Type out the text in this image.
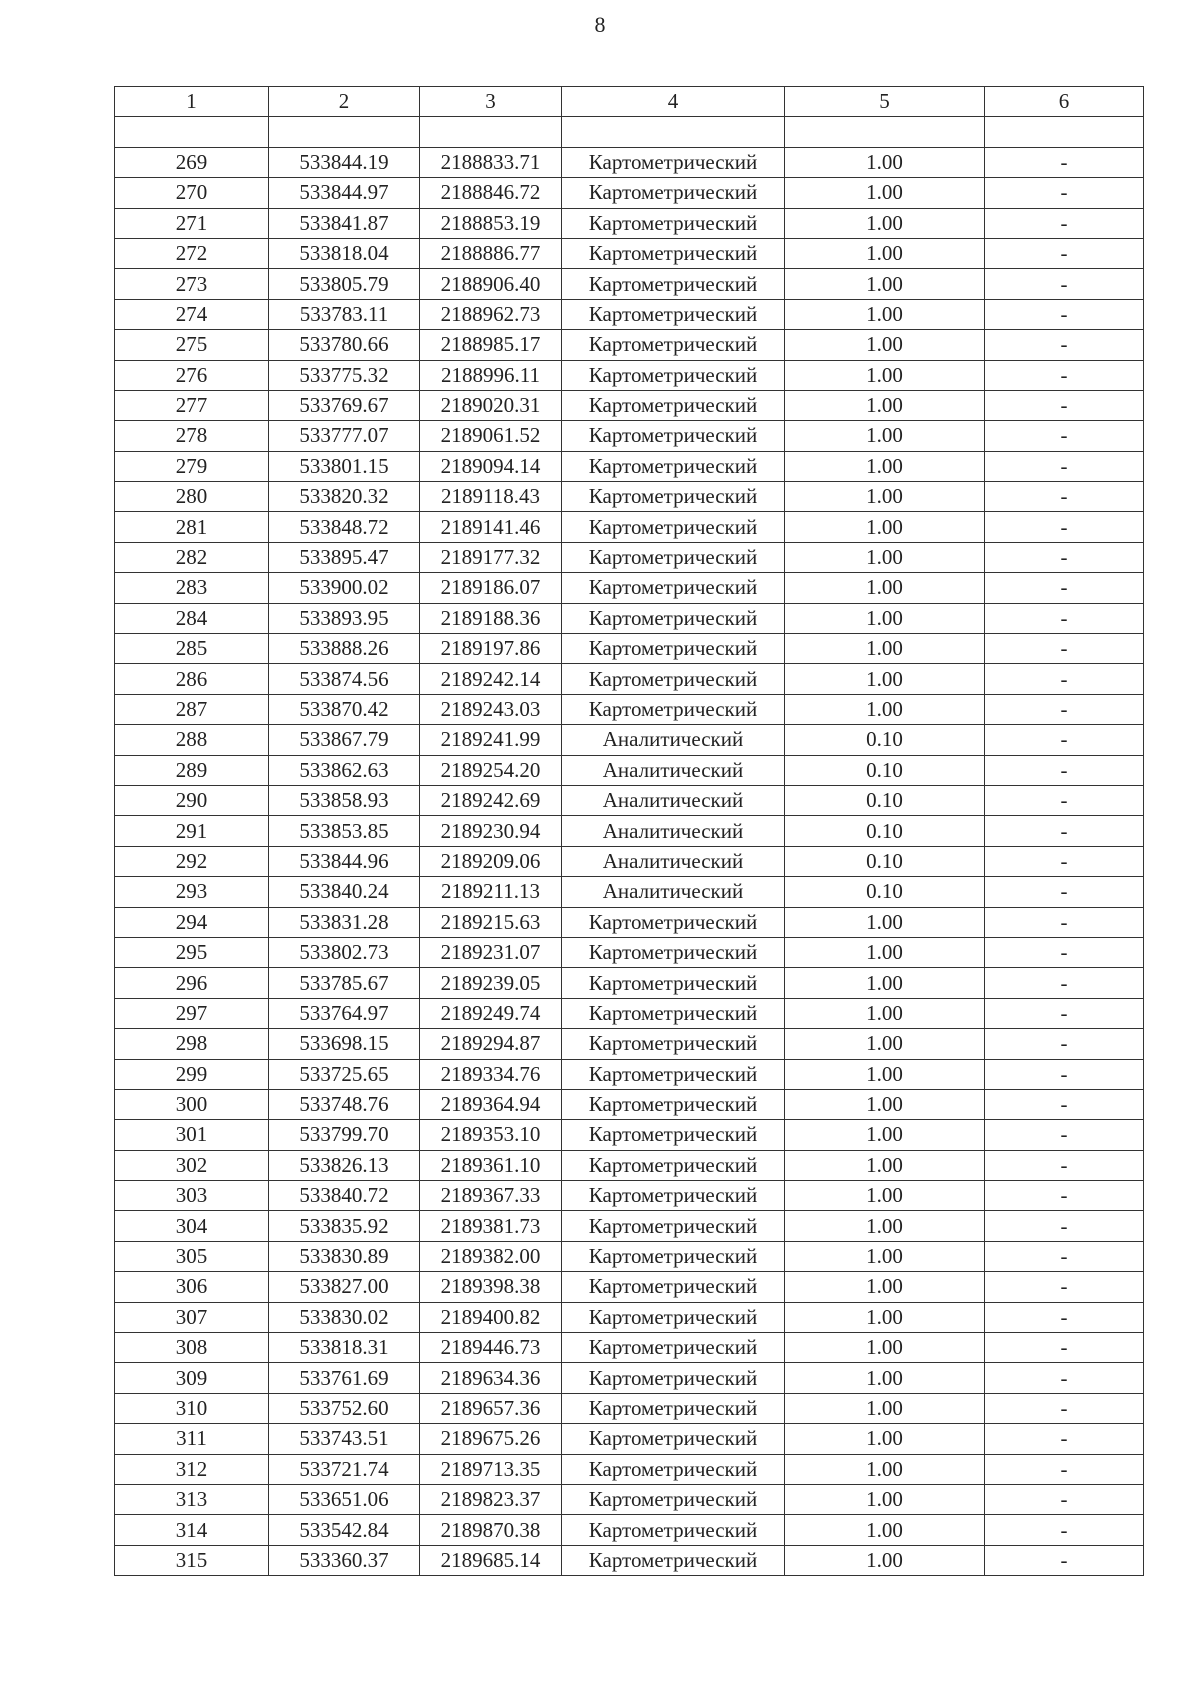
8
1	2	3	4	5	6

269	533844.19	2188833.71	Картометрический	1.00	-
270	533844.97	2188846.72	Картометрический	1.00	-
271	533841.87	2188853.19	Картометрический	1.00	-
272	533818.04	2188886.77	Картометрический	1.00	-
273	533805.79	2188906.40	Картометрический	1.00	-
274	533783.11	2188962.73	Картометрический	1.00	-
275	533780.66	2188985.17	Картометрический	1.00	-
276	533775.32	2188996.11	Картометрический	1.00	-
277	533769.67	2189020.31	Картометрический	1.00	-
278	533777.07	2189061.52	Картометрический	1.00	-
279	533801.15	2189094.14	Картометрический	1.00	-
280	533820.32	2189118.43	Картометрический	1.00	-
281	533848.72	2189141.46	Картометрический	1.00	-
282	533895.47	2189177.32	Картометрический	1.00	-
283	533900.02	2189186.07	Картометрический	1.00	-
284	533893.95	2189188.36	Картометрический	1.00	-
285	533888.26	2189197.86	Картометрический	1.00	-
286	533874.56	2189242.14	Картометрический	1.00	-
287	533870.42	2189243.03	Картометрический	1.00	-
288	533867.79	2189241.99	Аналитический	0.10	-
289	533862.63	2189254.20	Аналитический	0.10	-
290	533858.93	2189242.69	Аналитический	0.10	-
291	533853.85	2189230.94	Аналитический	0.10	-
292	533844.96	2189209.06	Аналитический	0.10	-
293	533840.24	2189211.13	Аналитический	0.10	-
294	533831.28	2189215.63	Картометрический	1.00	-
295	533802.73	2189231.07	Картометрический	1.00	-
296	533785.67	2189239.05	Картометрический	1.00	-
297	533764.97	2189249.74	Картометрический	1.00	-
298	533698.15	2189294.87	Картометрический	1.00	-
299	533725.65	2189334.76	Картометрический	1.00	-
300	533748.76	2189364.94	Картометрический	1.00	-
301	533799.70	2189353.10	Картометрический	1.00	-
302	533826.13	2189361.10	Картометрический	1.00	-
303	533840.72	2189367.33	Картометрический	1.00	-
304	533835.92	2189381.73	Картометрический	1.00	-
305	533830.89	2189382.00	Картометрический	1.00	-
306	533827.00	2189398.38	Картометрический	1.00	-
307	533830.02	2189400.82	Картометрический	1.00	-
308	533818.31	2189446.73	Картометрический	1.00	-
309	533761.69	2189634.36	Картометрический	1.00	-
310	533752.60	2189657.36	Картометрический	1.00	-
311	533743.51	2189675.26	Картометрический	1.00	-
312	533721.74	2189713.35	Картометрический	1.00	-
313	533651.06	2189823.37	Картометрический	1.00	-
314	533542.84	2189870.38	Картометрический	1.00	-
315	533360.37	2189685.14	Картометрический	1.00	-
